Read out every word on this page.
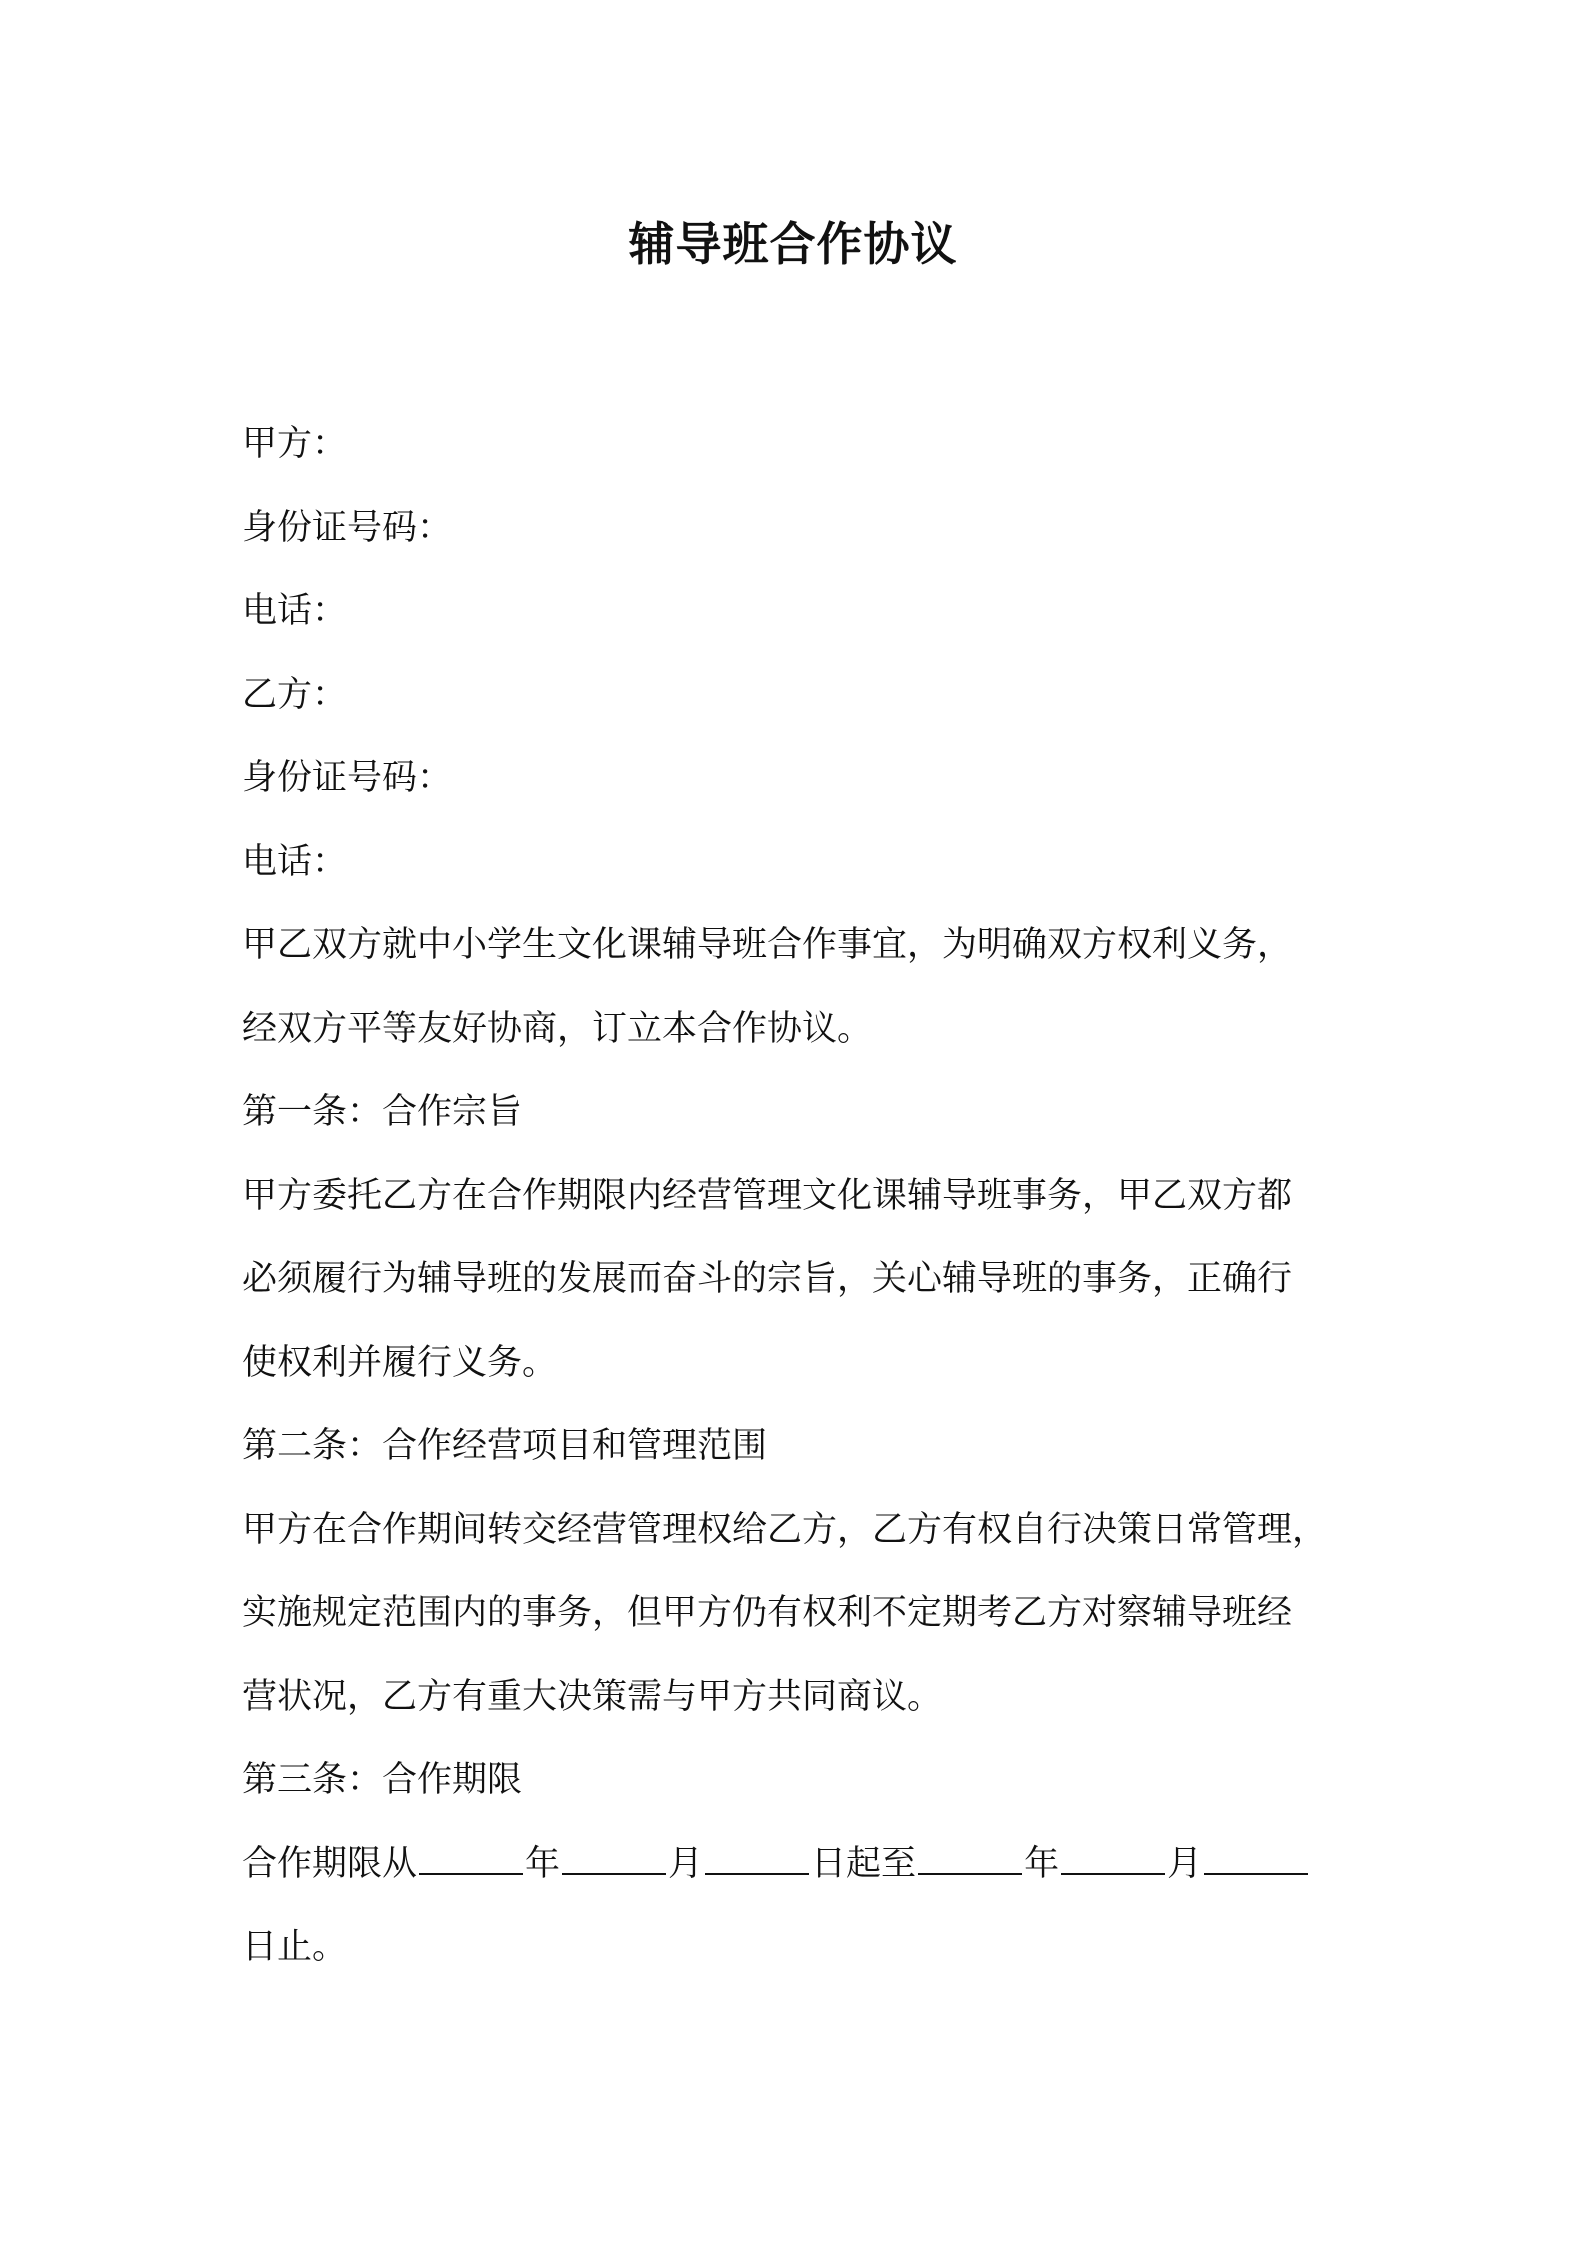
辅导班合作协议
甲方：
身份证号码：
电话：
乙方：
身份证号码：
电话：
甲乙双方就中小学生文化课辅导班合作事宜，为明确双方权利义务，
经双方平等友好协商，订立本合作协议。
第一条：合作宗旨
甲方委托乙方在合作期限内经营管理文化课辅导班事务，甲乙双方都
必须履行为辅导班的发展而奋斗的宗旨，关心辅导班的事务，正确行
使权利并履行义务。
第二条：合作经营项目和管理范围
甲方在合作期间转交经营管理权给乙方，乙方有权自行决策日常管理，
实施规定范围内的事务，但甲方仍有权利不定期考乙方对察辅导班经
营状况，乙方有重大决策需与甲方共同商议。
第三条：合作期限
合作期限从	年	月	日起至	年	月
日止。
